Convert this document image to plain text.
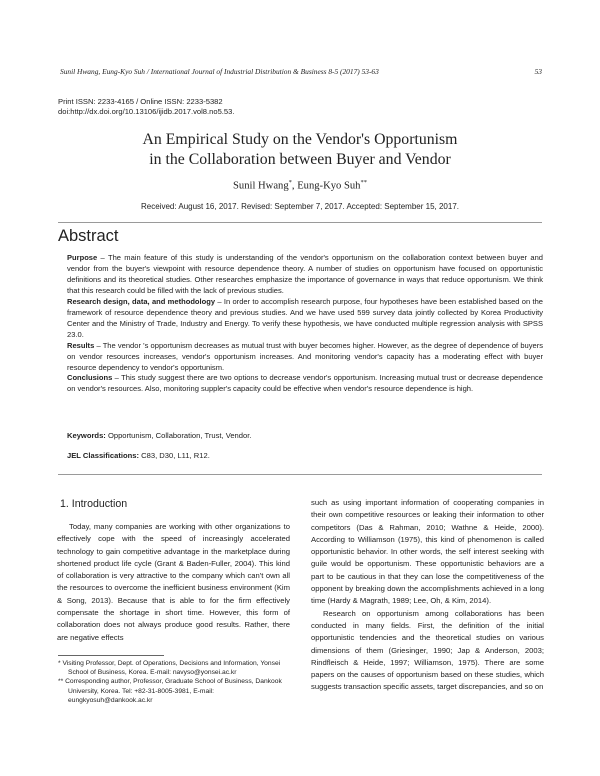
Sunil Hwang, Eung-Kyo Suh / International Journal of Industrial Distribution & Business 8-5 (2017) 53-63	53
Print ISSN: 2233-4165 / Online ISSN: 2233-5382
doi:http://dx.doi.org/10.13106/ijidb.2017.vol8.no5.53.
An Empirical Study on the Vendor's Opportunism
in the Collaboration between Buyer and Vendor
Sunil Hwang*, Eung-Kyo Suh**
Received: August 16, 2017. Revised: September 7, 2017. Accepted: September 15, 2017.
Abstract

Purpose – The main feature of this study is understanding of the vendor's opportunism on the collaboration context between buyer and vendor from the buyer's viewpoint with resource dependence theory. A number of studies on opportunism have focused on opportunistic definitions and its theoretical studies. Other researches emphasize the importance of governance in ways that reduce opportunism. We think that this research could be filled with the lack of previous studies.

Research design, data, and methodology – In order to accomplish research purpose, four hypotheses have been established based on the framework of resource dependence theory and previous studies. And we have used 599 survey data jointly collected by Korea Productivity Center and the Ministry of Trade, Industry and Energy. To verify these hypothesis, we have conducted multiple regression analysis with SPSS 23.0.

Results – The vendor 's opportunism decreases as mutual trust with buyer becomes higher. However, as the degree of dependence of buyers on vendor resources increases, vendor's opportunism increases. And monitoring vendor's capacity has a moderating effect with buyer resource dependency to vendor's opportunism.

Conclusions – This study suggest there are two options to decrease vendor's opportunism. Increasing mutual trust or decrease dependence on vendor's resources. Also, monitoring suppler's capacity could be effective when vendor's resource dependence is high.

Keywords: Opportunism, Collaboration, Trust, Vendor.
JEL Classifications: C83, D30, L11, R12.
1. Introduction

Today, many companies are working with other organizations to effectively cope with the speed of increasingly accelerated technology to gain competitive advantage in the marketplace during shortened product life cycle (Grant & Baden-Fuller, 2004). This kind of collaboration is very attractive to the company which can't own all the resources to overcome the inefficient business environment (Kim & Song, 2013). Because that is able to for the firm effectively compensate the shortage in short time. However, this form of collaboration does not always produce good results. Rather, there are negative effects

such as using important information of cooperating companies in their own competitive resources or leaking their information to other competitors (Das & Rahman, 2010; Wathne & Heide, 2000). According to Williamson (1975), this kind of phenomenon is called opportunistic behavior. In other words, the self interest seeking with guile would be opportunism. These opportunistic behaviors are a part to be cautious in that they can lose the competitiveness of the opponent by breaking down the accomplishments achieved in a long time (Hardy & Magrath, 1989; Lee, Oh, & Kim, 2014).

Research on opportunism among collaborations has been conducted in many fields. First, the definition of the initial opportunistic tendencies and the theoretical studies on various dimensions of them (Griesinger, 1990; Jap & Anderson, 2003; Rindfleisch & Heide, 1997; Williamson, 1975). There are some papers on the causes of opportunism based on these studies, which suggests transaction specific assets, target discrepancies, and so on

* Visiting Professor, Dept. of Operations, Decisions and Information, Yonsei School of Business, Korea. E-mail: navyso@yonsei.ac.kr
** Corresponding author, Professor, Graduate School of Business, Dankook University, Korea. Tel: +82-31-8005-3981, E-mail: eungkyosuh@dankook.ac.kr
